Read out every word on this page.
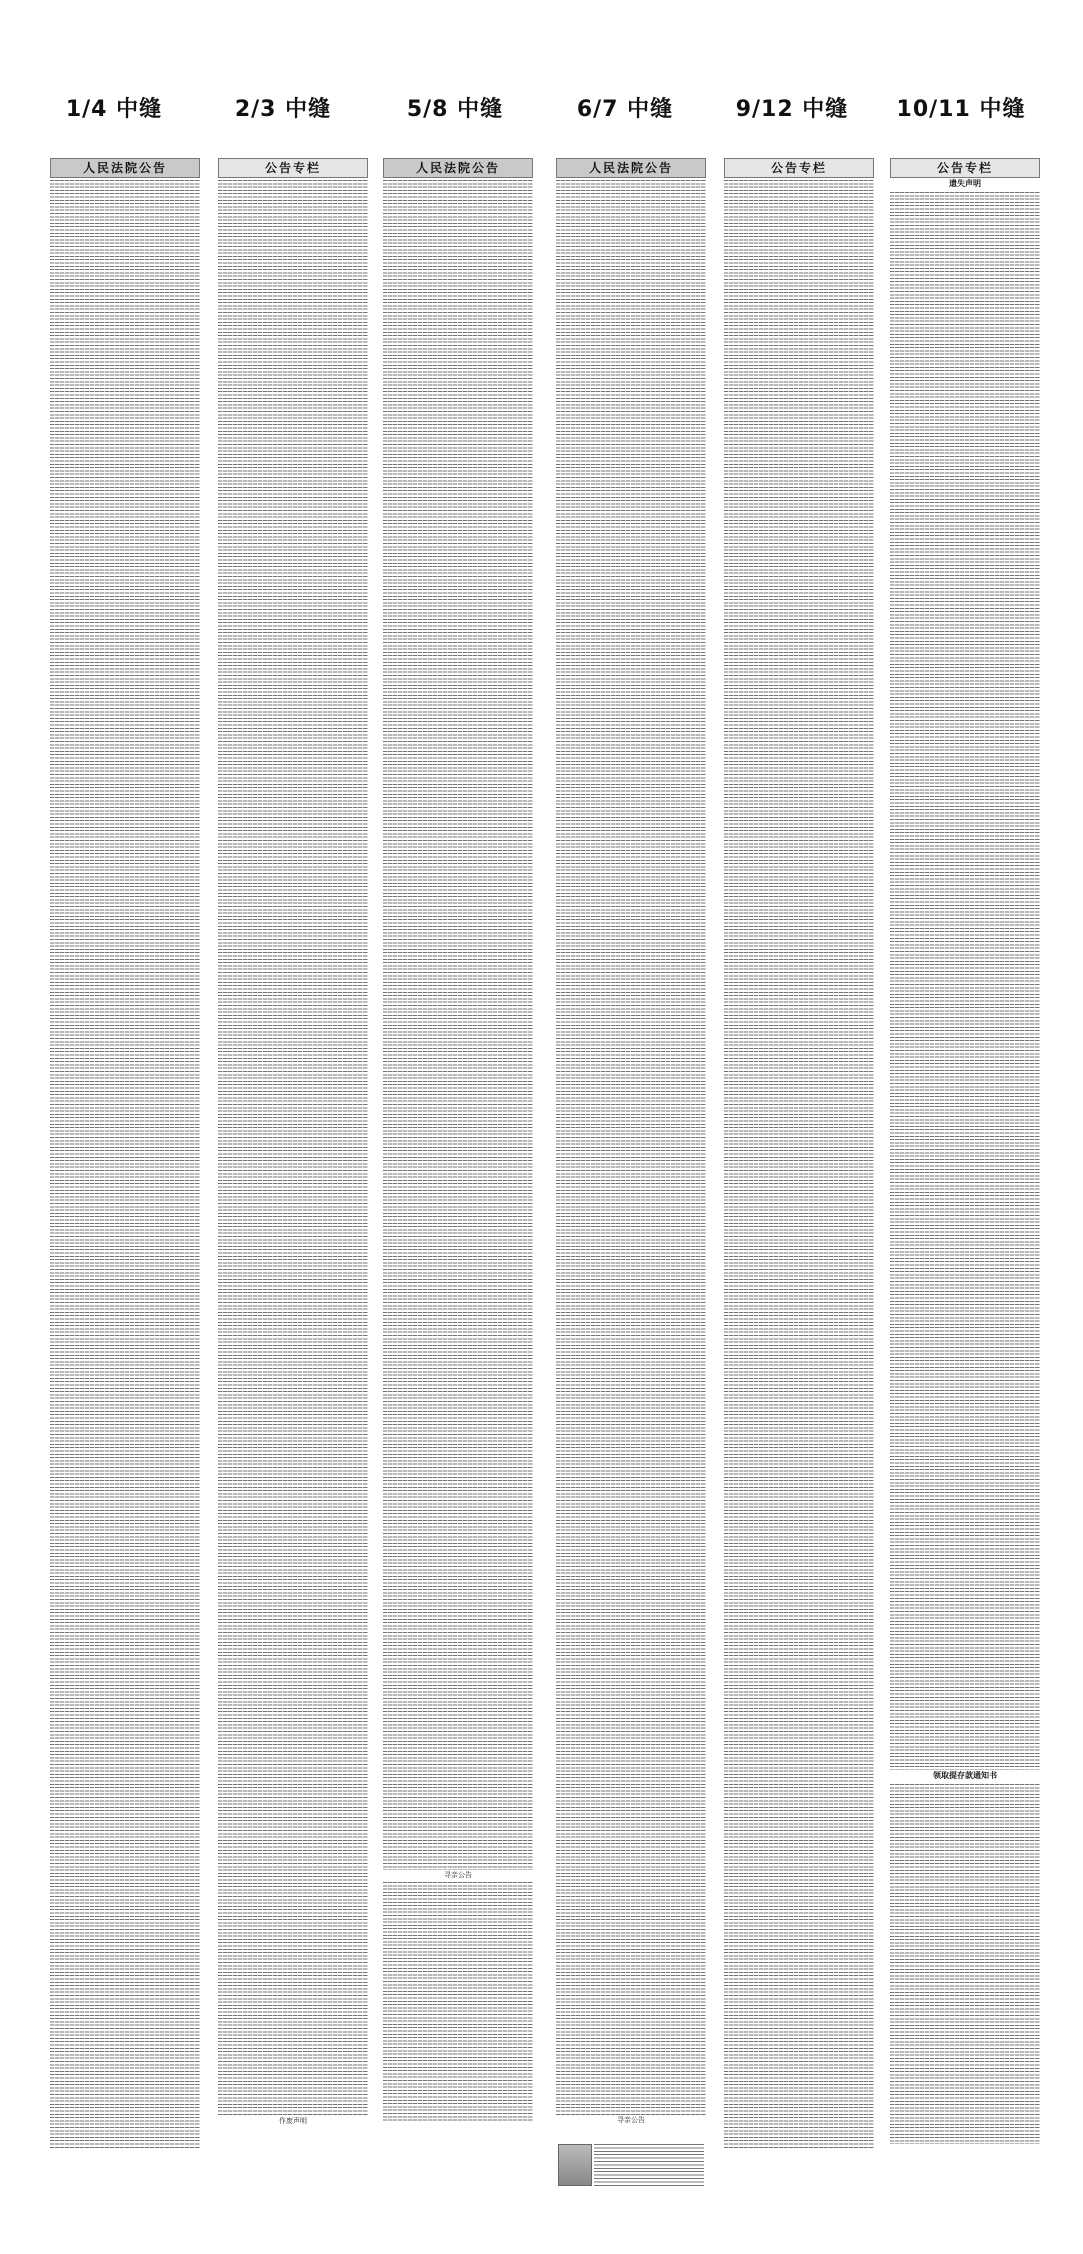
1/4 中缝	2/3 中缝	5/8 中缝	6/7 中缝	9/12 中缝	10/11 中缝
人民法院公告	公告专栏
作废声明
人民法院公告
寻亲公告
人民法院公告
寻亲公告
公告专栏	公告专栏
遗失声明
领取提存款通知书
